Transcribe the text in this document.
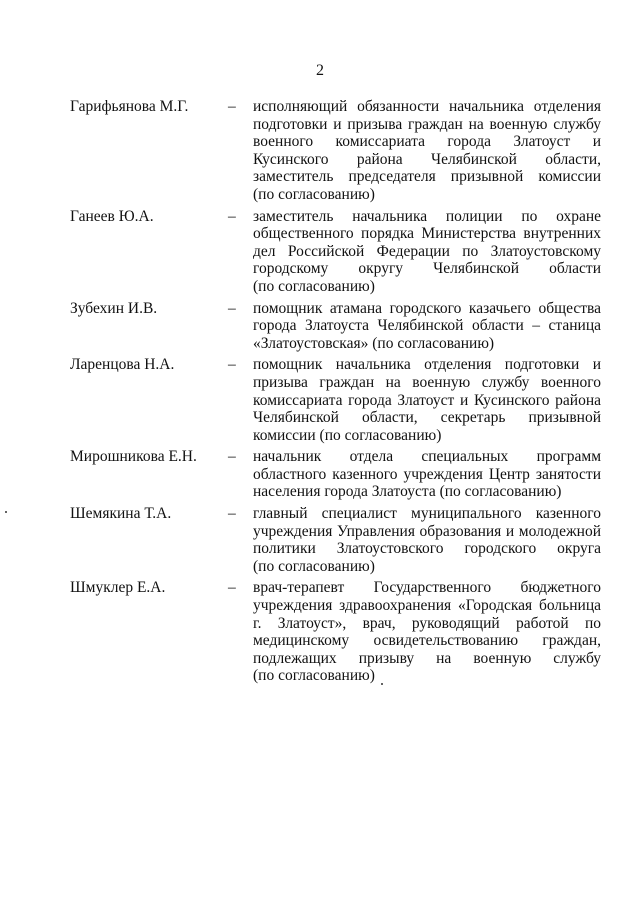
2
Гарифьянова М.Г.	–	исполняющий обязанности начальника отделения
подготовки и призыва граждан на военную службу
военного комиссариата города Златоуст и
Кусинского района Челябинской области,
заместитель председателя призывной комиссии
(по согласованию)
Ганеев Ю.А.	–	заместитель начальника полиции по охране
общественного порядка Министерства внутренних
дел Российской Федерации по Златоустовскому
городскому округу Челябинской области
(по согласованию)
Зубехин И.В.	–	помощник атамана городского казачьего общества
города Златоуста Челябинской области – станица
«Златоустовская» (по согласованию)
Ларенцова Н.А.	–	помощник начальника отделения подготовки и
призыва граждан на военную службу военного
комиссариата города Златоуст и Кусинского района
Челябинской области, секретарь призывной
комиссии (по согласованию)
Мирошникова Е.Н.	–	начальник отдела специальных программ
областного казенного учреждения Центр занятости
населения города Златоуста (по согласованию)
Шемякина Т.А.	–	главный специалист муниципального казенного
учреждения Управления образования и молодежной
политики Златоустовского городского округа
(по согласованию)
Шмуклер Е.А.	–	врач-терапевт Государственного бюджетного
учреждения здравоохранения «Городская больница
г. Златоуст», врач, руководящий работой по
медицинскому освидетельствованию граждан,
подлежащих призыву на военную службу
(по согласованию)
